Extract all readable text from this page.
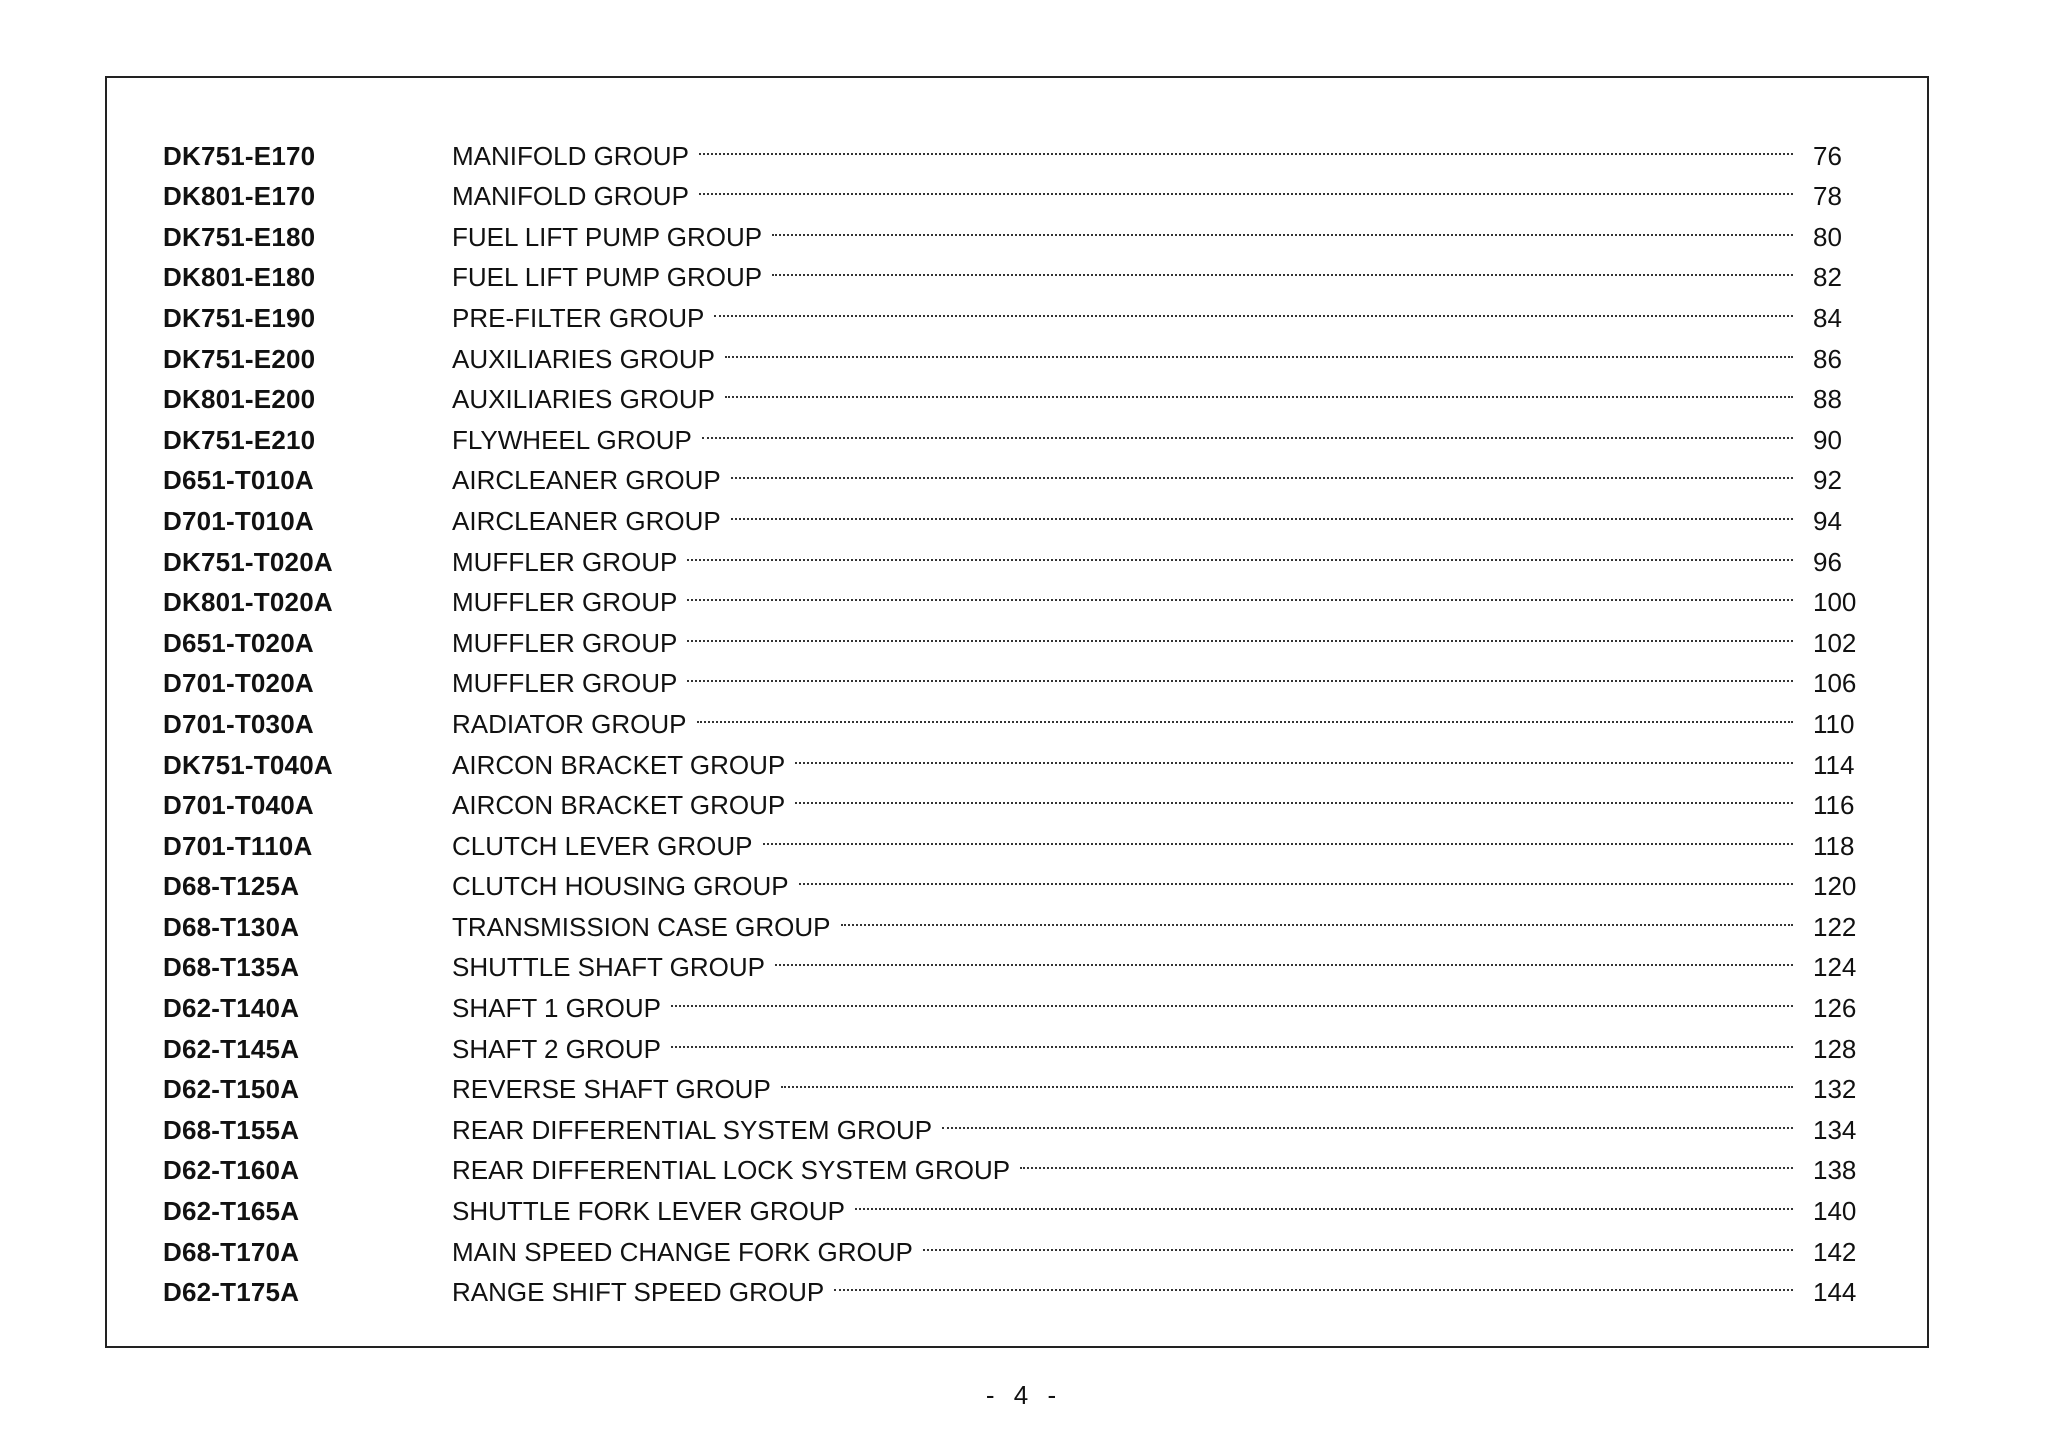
DK751-E170	MANIFOLD GROUP	76
DK801-E170	MANIFOLD GROUP	78
DK751-E180	FUEL LIFT PUMP GROUP	80
DK801-E180	FUEL LIFT PUMP GROUP	82
DK751-E190	PRE-FILTER GROUP	84
DK751-E200	AUXILIARIES GROUP	86
DK801-E200	AUXILIARIES GROUP	88
DK751-E210	FLYWHEEL GROUP	90
D651-T010A	AIRCLEANER GROUP	92
D701-T010A	AIRCLEANER GROUP	94
DK751-T020A	MUFFLER GROUP	96
DK801-T020A	MUFFLER GROUP	100
D651-T020A	MUFFLER GROUP	102
D701-T020A	MUFFLER GROUP	106
D701-T030A	RADIATOR GROUP	110
DK751-T040A	AIRCON BRACKET GROUP	114
D701-T040A	AIRCON BRACKET GROUP	116
D701-T110A	CLUTCH LEVER GROUP	118
D68-T125A	CLUTCH HOUSING GROUP	120
D68-T130A	TRANSMISSION CASE GROUP	122
D68-T135A	SHUTTLE SHAFT GROUP	124
D62-T140A	SHAFT 1 GROUP	126
D62-T145A	SHAFT 2 GROUP	128
D62-T150A	REVERSE SHAFT GROUP	132
D68-T155A	REAR DIFFERENTIAL SYSTEM GROUP	134
D62-T160A	REAR DIFFERENTIAL LOCK SYSTEM GROUP	138
D62-T165A	SHUTTLE FORK LEVER GROUP	140
D68-T170A	MAIN SPEED CHANGE FORK GROUP	142
D62-T175A	RANGE SHIFT SPEED GROUP	144
- 4 -
